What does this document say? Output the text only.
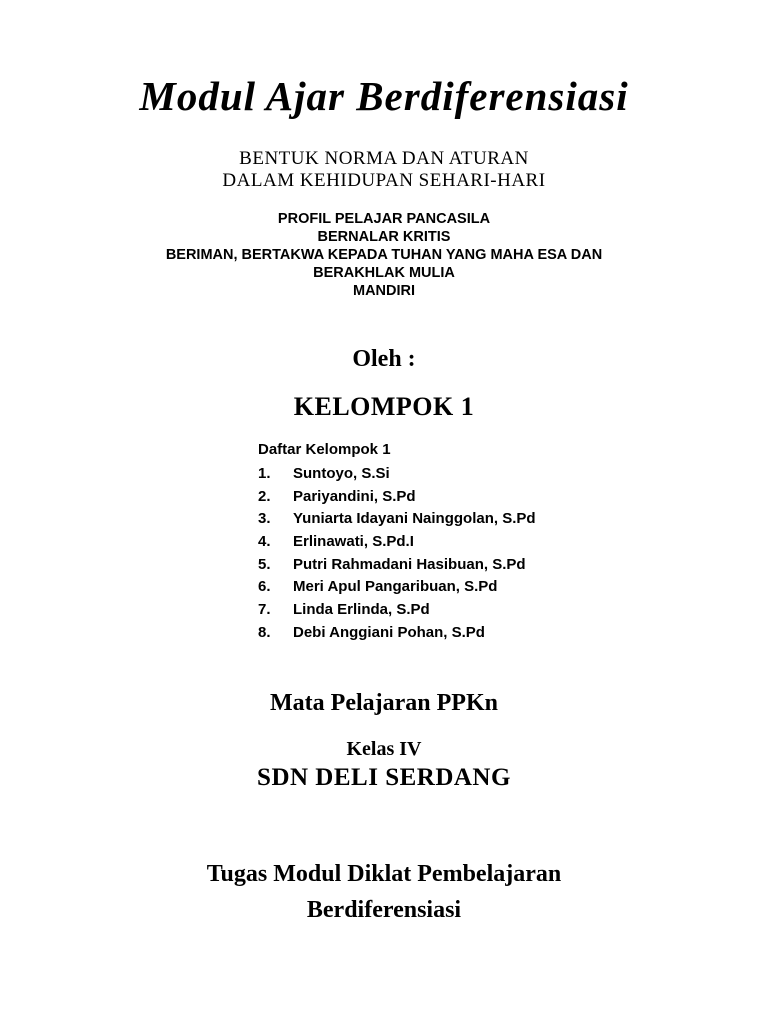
Modul Ajar Berdiferensiasi
BENTUK NORMA DAN ATURAN
DALAM KEHIDUPAN SEHARI-HARI
PROFIL PELAJAR PANCASILA
BERNALAR KRITIS
BERIMAN, BERTAKWA KEPADA TUHAN YANG MAHA ESA DAN
BERAKHLAK MULIA
MANDIRI
Oleh :
KELOMPOK 1
Daftar Kelompok 1
1. Suntoyo, S.Si
2. Pariyandini, S.Pd
3. Yuniarta Idayani Nainggolan, S.Pd
4. Erlinawati, S.Pd.I
5. Putri Rahmadani Hasibuan, S.Pd
6. Meri Apul Pangaribuan, S.Pd
7. Linda Erlinda, S.Pd
8. Debi Anggiani Pohan, S.Pd
Mata Pelajaran PPKn
Kelas IV
SDN DELI SERDANG
Tugas Modul Diklat Pembelajaran
Berdiferensiasi
